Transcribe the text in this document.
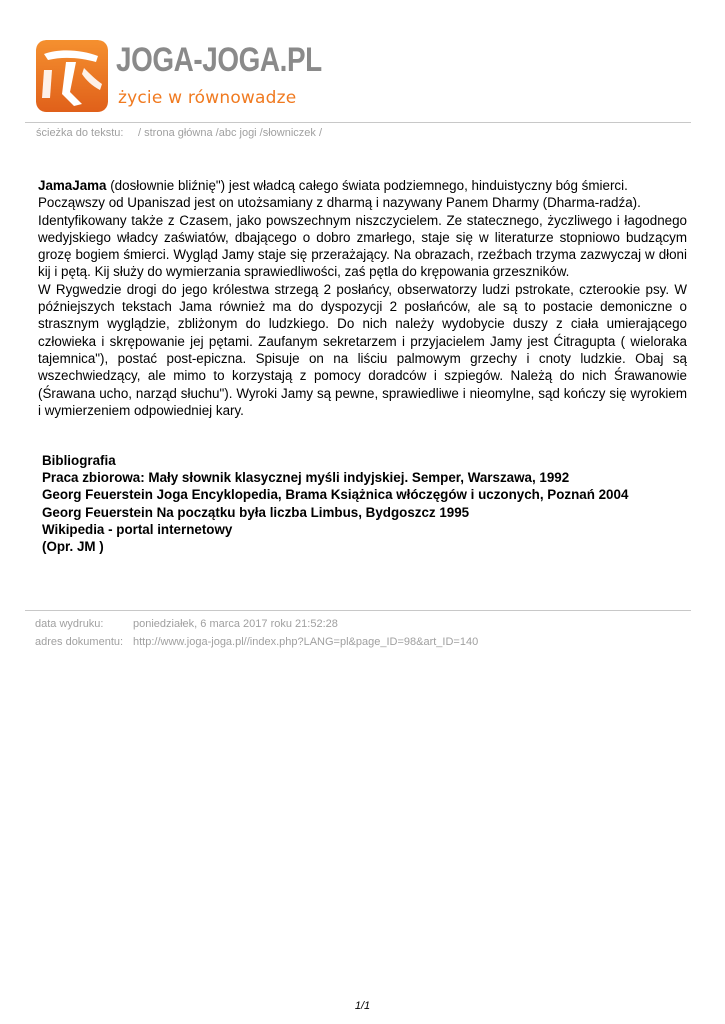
JOGA-JOGA.PL
życie w równowadze
ścieżka do tekstu: / strona główna /abc jogi /słowniczek /

JamaJama (dosłownie bliźnię") jest władcą całego świata podziemnego, hinduistyczny bóg śmierci.

Począwszy od Upaniszad jest on utożsamiany z dharmą i nazywany Panem Dharmy (Dharma-radźa).

Identyfikowany także z Czasem, jako powszechnym niszczycielem. Ze statecznego, życzliwego i łagodnego wedyjskiego władcy zaświatów, dbającego o dobro zmarłego, staje się w literaturze stopniowo budzącym grozę bogiem śmierci. Wygląd Jamy staje się przerażający. Na obrazach, rzeźbach trzyma zazwyczaj w dłoni kij i pętą. Kij służy do wymierzania sprawiedliwości, zaś pętla do krępowania grzeszników.

W Rygwedzie drogi do jego królestwa strzegą 2 posłańcy, obserwatorzy ludzi pstrokate, czterookie psy. W późniejszych tekstach Jama również ma do dyspozycji 2 posłańców, ale są to postacie demoniczne o strasznym wyglądzie, zbliżonym do ludzkiego. Do nich należy wydobycie duszy z ciała umierającego człowieka i skrępowanie jej pętami. Zaufanym sekretarzem i przyjacielem Jamy jest Ćitragupta ( wieloraka tajemnica"), postać post-epiczna. Spisuje on na liściu palmowym grzechy i cnoty ludzkie. Obaj są wszechwiedzący, ale mimo to korzystają z pomocy doradców i szpiegów. Należą do nich Śrawanowie (Śrawana ucho, narząd słuchu"). Wyroki Jamy są pewne, sprawiedliwe i nieomylne, sąd kończy się wyrokiem i wymierzeniem odpowiedniej kary.

Bibliografia
Praca zbiorowa: Mały słownik klasycznej myśli indyjskiej. Semper, Warszawa, 1992
Georg Feuerstein Joga Encyklopedia, Brama Książnica włóczęgów i uczonych, Poznań 2004
Georg Feuerstein Na początku była liczba Limbus, Bydgoszcz 1995
Wikipedia - portal internetowy
(Opr. JM )
data wydruku:	poniedziałek, 6 marca 2017 roku 21:52:28
adres dokumentu: http://www.joga-joga.pl//index.php?LANG=pl&page_ID=98&art_ID=140
1/1
